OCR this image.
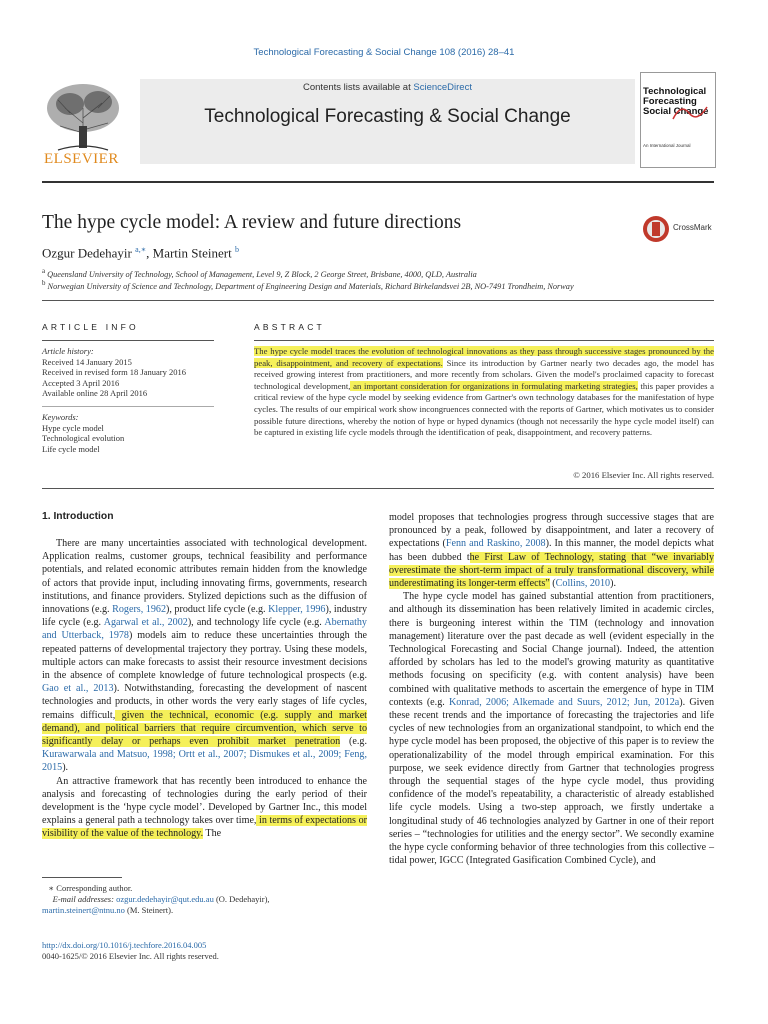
Technological Forecasting & Social Change 108 (2016) 28–41
ELSEVIER
Contents lists available at ScienceDirect
Technological Forecasting & Social Change
Technological
Forecasting
Social Change
An International Journal
The hype cycle model: A review and future directions	CrossMark
Ozgur Dedehayir $^{a,∗}$, Martin Steinert $^b$
$^a$ Queensland University of Technology, School of Management, Level 9, Z Block, 2 George Street, Brisbane, 4000, QLD, Australia
$^b$ Norwegian University of Science and Technology, Department of Engineering Design and Materials, Richard Birkelandsvei 2B, NO-7491 Trondheim, Norway
ARTICLE INFO
Article history:
Received 14 January 2015
Received in revised form 18 January 2016
Accepted 3 April 2016
Available online 28 April 2016
Keywords:
Hype cycle model
Technological evolution
Life cycle model
ABSTRACT
The hype cycle model traces the evolution of technological innovations as they pass through successive stages pronounced by the peak, disappointment, and recovery of expectations. Since its introduction by Gartner nearly two decades ago, the model has received growing interest from practitioners, and more recently from scholars. Given the model's proclaimed capacity to forecast technological development, an important consideration for organizations in formulating marketing strategies, this paper provides a critical review of the hype cycle model by seeking evidence from Gartner's own technology databases for the manifestation of hype cycles. The results of our empirical work show incongruences connected with the reports of Gartner, which motivates us to consider possible future directions, whereby the notion of hype or hyped dynamics (though not necessarily the hype cycle model itself) can be captured in existing life cycle models through the identification of peak, disappointment, and recovery patterns.
© 2016 Elsevier Inc. All rights reserved.
1. Introduction

There are many uncertainties associated with technological development. Application realms, customer groups, technical feasibility and performance potentials, and related economic attributes remain hidden from the knowledge of actors that provide input, including innovating firms, governments, research institutions, and finance providers. Stylized depictions such as the diffusion of innovations (e.g. Rogers, 1962), product life cycle (e.g. Klepper, 1996), industry life cycle (e.g. Agarwal et al., 2002), and technology life cycle (e.g. Abernathy and Utterback, 1978) models aim to reduce these uncertainties through the repeated patterns of developmental trajectory they portray. Using these models, multiple actors can make forecasts to assist their resource investment decisions in the absence of complete knowledge of future technological prospects (e.g. Gao et al., 2013). Notwithstanding, forecasting the development of nascent technologies and products, in other words the very early stages of life cycles, remains difficult, given the technical, economic (e.g. supply and market demand), and political barriers that require circumvention, which serve to significantly delay or perhaps even prohibit market penetration (e.g. Kurawarwala and Matsuo, 1998; Ortt et al., 2007; Dismukes et al., 2009; Feng, 2015).

An attractive framework that has recently been introduced to enhance the analysis and forecasting of technologies during the early period of their development is the ‘hype cycle model’. Developed by Gartner Inc., this model explains a general path a technology takes over time, in terms of expectations or visibility of the value of the technology. The

model proposes that technologies progress through successive stages that are pronounced by a peak, followed by disappointment, and later a recovery of expectations (Fenn and Raskino, 2008). In this manner, the model depicts what has been dubbed the First Law of Technology, stating that “we invariably overestimate the short-term impact of a truly transformational discovery, while underestimating its longer-term effects” (Collins, 2010).

The hype cycle model has gained substantial attention from practitioners, and although its dissemination has been relatively limited in academic circles, there is burgeoning interest within the TIM (technology and innovation management) literature over the past decade as well (evident especially in the Technological Forecasting and Social Change journal). Indeed, the attention afforded by scholars has led to the model's growing maturity as quantitative methods focusing on specificity (e.g. with content analysis) have been combined with qualitative methods to ascertain the emergence of hype in TIM contexts (e.g. Konrad, 2006; Alkemade and Suurs, 2012; Jun, 2012a). Given these recent trends and the importance of forecasting the trajectories and life cycles of new technologies from an organizational standpoint, to which end the hype cycle model has been proposed, the objective of this paper is to review the operationalizability of the model through empirical examination. For this purpose, we seek evidence directly from Gartner that technologies progress through the sequential stages of the hype cycle model, thus providing confidence of the model's repeatability, a characteristic of already established life cycle models. Using a two-step approach, we firstly undertake a longitudinal study of 46 technologies analyzed by Gartner in one of their report series – “technologies for utilities and the energy sector”. We secondly examine the hype cycle conforming behavior of three technologies from this collective – tidal power, IGCC (Integrated Gasification Combined Cycle), and

∗ Corresponding author.
E-mail addresses: ozgur.dedehayir@qut.edu.au (O. Dedehayir),
martin.steinert@ntnu.no (M. Steinert).
http://dx.doi.org/10.1016/j.techfore.2016.04.005
0040-1625/© 2016 Elsevier Inc. All rights reserved.
